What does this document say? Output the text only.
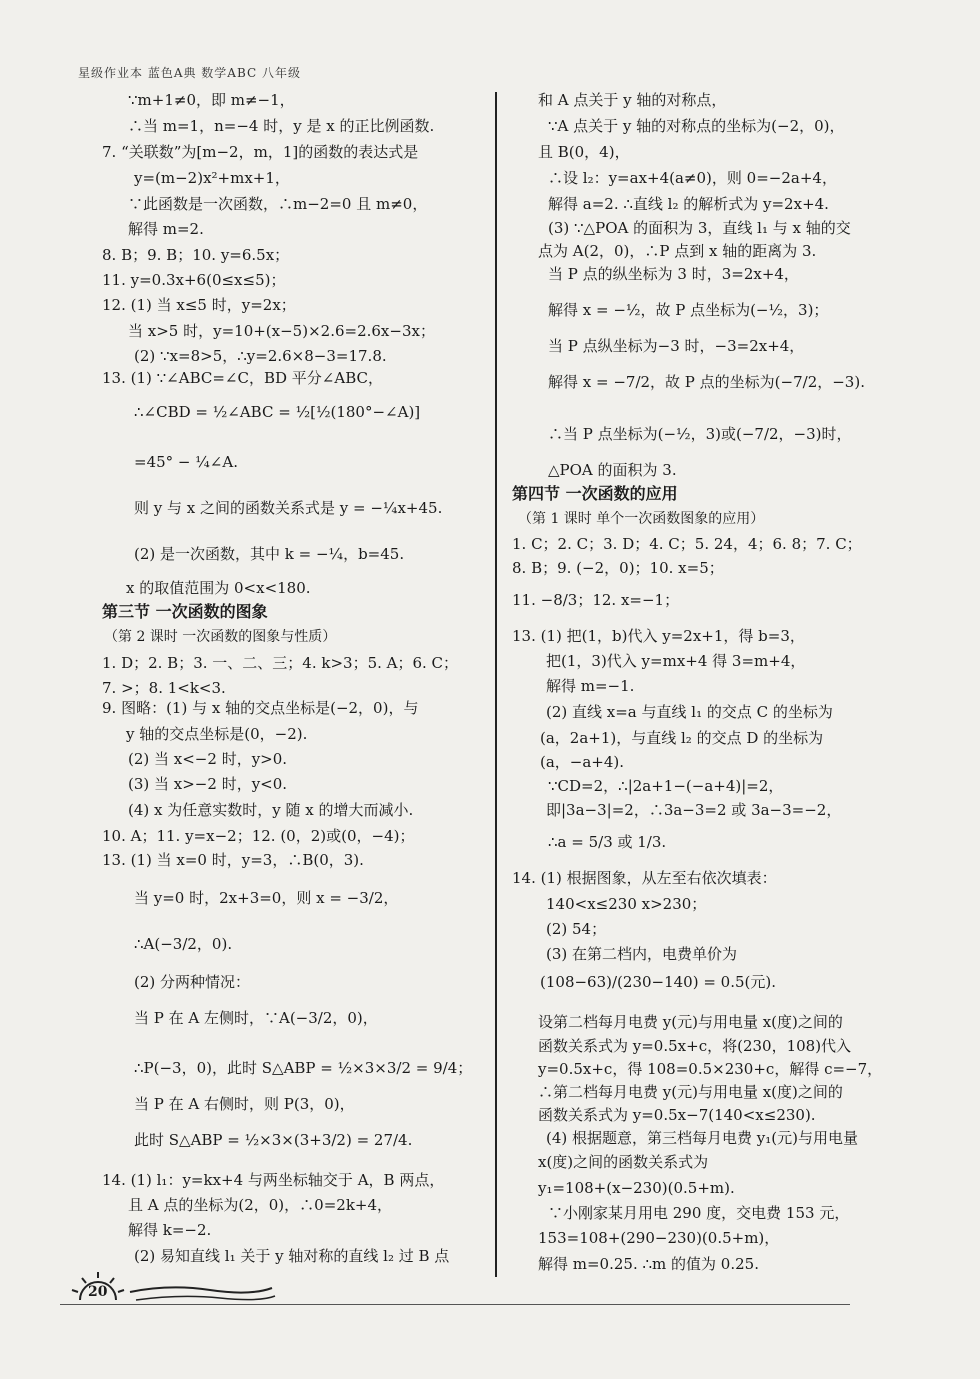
星级作业本 蓝色A典 数学ABC 八年级
∵m+1≠0，即 m≠−1，
∴当 m=1，n=−4 时，y 是 x 的正比例函数.
7. “关联数”为[m−2，m，1]的函数的表达式是
y=(m−2)x²+mx+1，
∵此函数是一次函数，∴m−2=0 且 m≠0，
解得 m=2.
8. B；9. B；10. y=6.5x；
11. y=0.3x+6(0≤x≤5)；
12. (1) 当 x≤5 时，y=2x；
当 x>5 时，y=10+(x−5)×2.6=2.6x−3x；
(2) ∵x=8>5，∴y=2.6×8−3=17.8.
13. (1) ∵∠ABC=∠C，BD 平分∠ABC，
∴∠CBD = ½∠ABC = ½[½(180°−∠A)]
=45° − ¼∠A.
则 y 与 x 之间的函数关系式是 y = −¼x+45.
(2) 是一次函数，其中 k = −¼，b=45.
x 的取值范围为 0<x<180.
第三节 一次函数的图象
（第 2 课时 一次函数的图象与性质）
1. D；2. B；3. 一、二、三；4. k>3；5. A；6. C；
7. >；8. 1<k<3.
9. 图略：(1) 与 x 轴的交点坐标是(−2，0)，与
y 轴的交点坐标是(0，−2).
(2) 当 x<−2 时，y>0.
(3) 当 x>−2 时，y<0.
(4) x 为任意实数时，y 随 x 的增大而减小.
10. A；11. y=x−2；12. (0，2)或(0，−4)；
13. (1) 当 x=0 时，y=3，∴B(0，3).
当 y=0 时，2x+3=0，则 x = −3/2，
∴A(−3/2，0).
(2) 分两种情况：
当 P 在 A 左侧时，∵A(−3/2，0)，
∴P(−3，0)，此时 S△ABP = ½×3×3/2 = 9/4；
当 P 在 A 右侧时，则 P(3，0)，
此时 S△ABP = ½×3×(3+3/2) = 27/4.
14. (1) l₁：y=kx+4 与两坐标轴交于 A，B 两点，
且 A 点的坐标为(2，0)，∴0=2k+4，
解得 k=−2.
(2) 易知直线 l₁ 关于 y 轴对称的直线 l₂ 过 B 点
和 A 点关于 y 轴的对称点，
∵A 点关于 y 轴的对称点的坐标为(−2，0)，
且 B(0，4)，
∴设 l₂：y=ax+4(a≠0)，则 0=−2a+4，
解得 a=2. ∴直线 l₂ 的解析式为 y=2x+4.
(3) ∵△POA 的面积为 3，直线 l₁ 与 x 轴的交
点为 A(2，0)，∴P 点到 x 轴的距离为 3.
当 P 点的纵坐标为 3 时，3=2x+4，
解得 x = −½，故 P 点坐标为(−½，3)；
当 P 点纵坐标为−3 时，−3=2x+4，
解得 x = −7/2，故 P 点的坐标为(−7/2，−3).
∴当 P 点坐标为(−½，3)或(−7/2，−3)时，
△POA 的面积为 3.
第四节 一次函数的应用
（第 1 课时 单个一次函数图象的应用）
1. C；2. C；3. D；4. C；5. 24，4；6. 8；7. C；
8. B；9. (−2，0)；10. x=5；
11. −8/3；12. x=−1；
13. (1) 把(1，b)代入 y=2x+1，得 b=3，
把(1，3)代入 y=mx+4 得 3=m+4，
解得 m=−1.
(2) 直线 x=a 与直线 l₁ 的交点 C 的坐标为
(a，2a+1)，与直线 l₂ 的交点 D 的坐标为
(a，−a+4).
∵CD=2，∴|2a+1−(−a+4)|=2，
即|3a−3|=2，∴3a−3=2 或 3a−3=−2，
∴a = 5/3 或 1/3.
14. (1) 根据图象，从左至右依次填表：
140<x≤230 x>230；
(2) 54；
(3) 在第二档内，电费单价为
(108−63)/(230−140) = 0.5(元).
设第二档每月电费 y(元)与用电量 x(度)之间的
函数关系式为 y=0.5x+c，将(230，108)代入
y=0.5x+c，得 108=0.5×230+c，解得 c=−7，
∴第二档每月电费 y(元)与用电量 x(度)之间的
函数关系式为 y=0.5x−7(140<x≤230).
(4) 根据题意，第三档每月电费 y₁(元)与用电量
x(度)之间的函数关系式为
y₁=108+(x−230)(0.5+m).
∵小刚家某月用电 290 度，交电费 153 元，
153=108+(290−230)(0.5+m)，
解得 m=0.25. ∴m 的值为 0.25.
20
